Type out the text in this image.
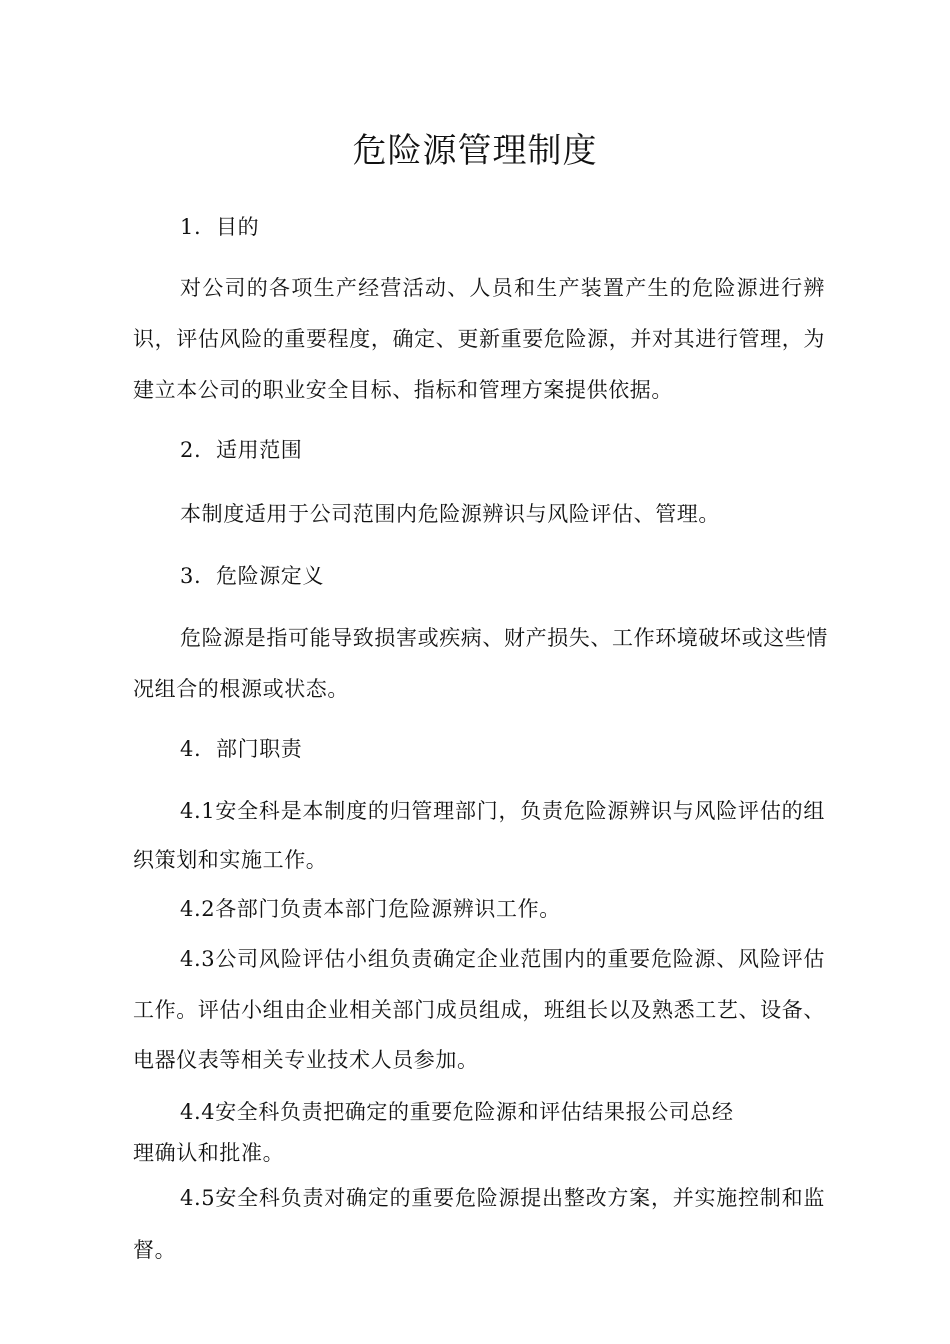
危险源管理制度
1. 目的
对公司的各项生产经营活动、人员和生产装置产生的危险源进行辨
识，评估风险的重要程度，确定、更新重要危险源，并对其进行管理，为
建立本公司的职业安全目标、指标和管理方案提供依据。
2. 适用范围
本制度适用于公司范围内危险源辨识与风险评估、管理。
3. 危险源定义
危险源是指可能导致损害或疾病、财产损失、工作环境破坏或这些情
况组合的根源或状态。
4. 部门职责
4.1安全科是本制度的归管理部门，负责危险源辨识与风险评估的组
织策划和实施工作。
4.2各部门负责本部门危险源辨识工作。
4.3公司风险评估小组负责确定企业范围内的重要危险源、风险评估
工作。评估小组由企业相关部门成员组成，班组长以及熟悉工艺、设备、
电器仪表等相关专业技术人员参加。
4.4安全科负责把确定的重要危险源和评估结果报公司总经
理确认和批准。
4.5安全科负责对确定的重要危险源提出整改方案，并实施控制和监
督。
